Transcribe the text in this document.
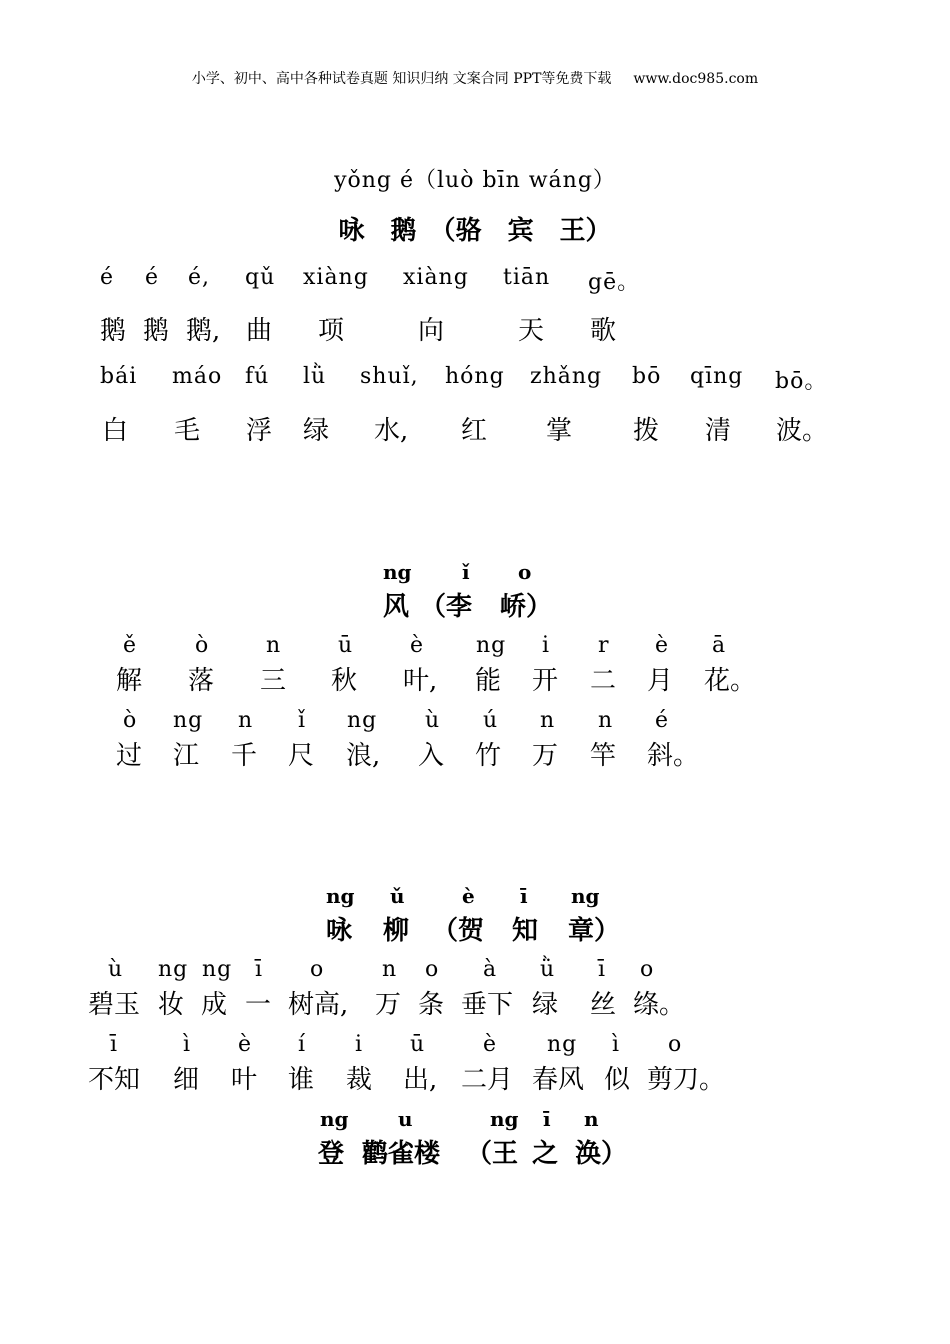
小学、初中、高中各种试卷真题 知识归纳 文案合同 PPT等免费下载 www.doc985.com
yǒng é（luò bīn wáng）
咏　鹅　（骆　宾　王）
é é é, qǔ xiàng xiàng tiān gē。
鹅 鹅 鹅, 曲 项	向	天 歌
bái máo fú lǜ shuǐ, hóng zhǎng bō qīng bō。
白 毛 浮 绿 水, 红 掌 拨 清 波。
ng	ǐ o
风 （李 峤）
ě	ò	n	ū	è ng i r è ā
解 落 三 秋 叶, 能 开 二 月 花。
ò ng n ǐ ng ù ú n n é
过 江 千 尺 浪, 入 竹 万 竿 斜。
ng ǔ	è ī ng
咏 柳 （贺 知 章）
ù ng ng ī o	n o à ǜ ī o
碧玉 妆 成 一 树高, 万 条 垂下 绿 丝 绦。
ī	ì è í i ū	è ng ì o
不知 细 叶 谁 裁 出, 二月 春风 似 剪刀。
ng u	ng ī n
登 鹳雀楼 （王 之 涣）
